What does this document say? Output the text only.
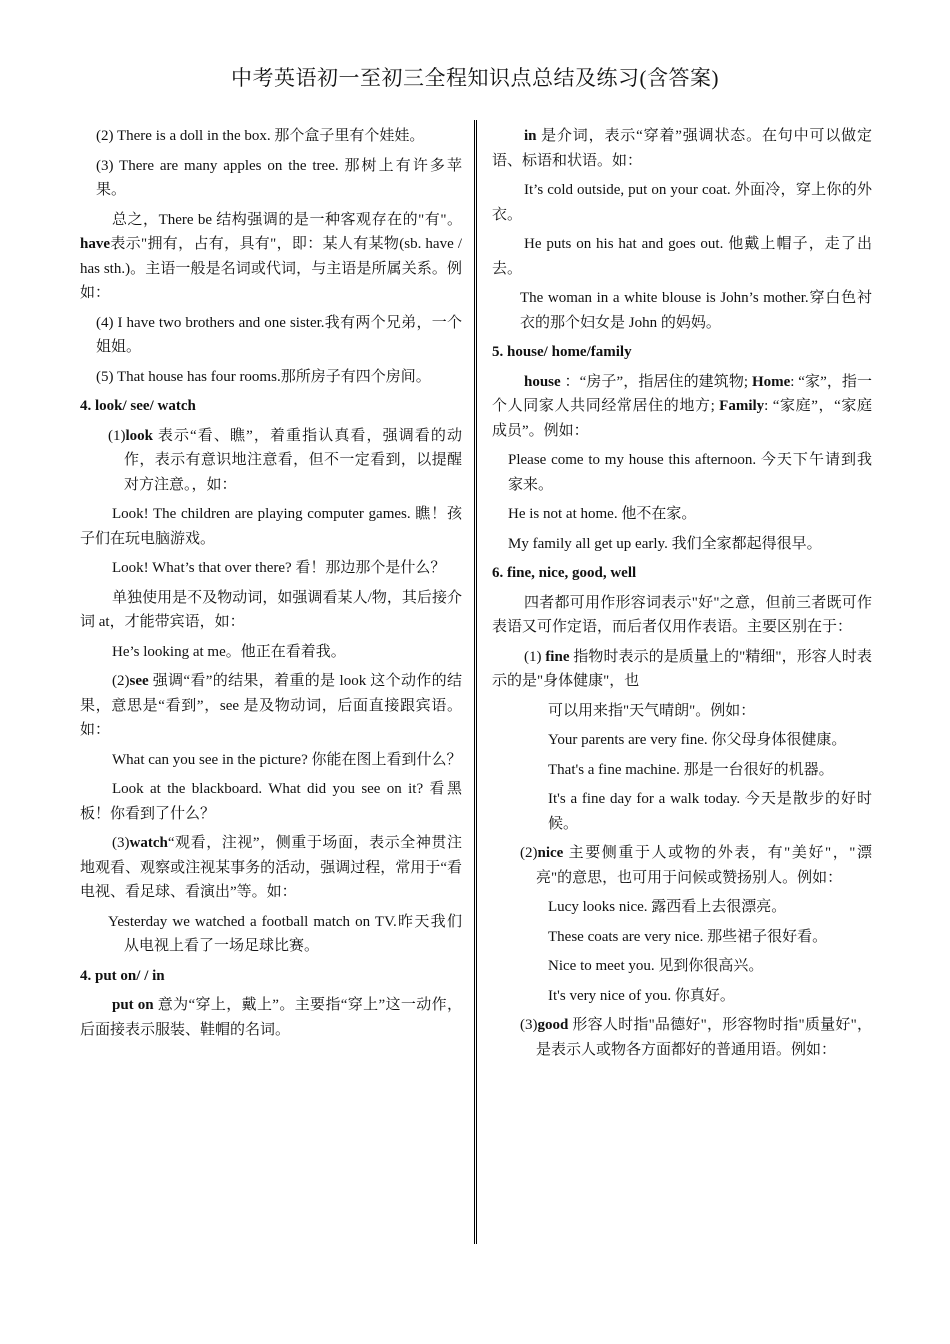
中考英语初一至初三全程知识点总结及练习(含答案)

(2) There is a doll in the box. 那个盒子里有个娃娃。

(3) There are many apples on the tree. 那树上有许多苹果。

总之，There be 结构强调的是一种客观存在的"有"。have表示"拥有，占有，具有"，即：某人有某物(sb. have / has sth.)。主语一般是名词或代词，与主语是所属关系。例如：

(4) I have two brothers and one sister.我有两个兄弟，一个姐姐。

(5) That house has four rooms.那所房子有四个房间。

4. look/ see/ watch

(1)look 表示“看、瞧”，着重指认真看，强调看的动作，表示有意识地注意看，但不一定看到，以提醒对方注意。，如：

Look! The children are playing computer games. 瞧！孩子们在玩电脑游戏。

Look! What’s that over there? 看！那边那个是什么？

单独使用是不及物动词，如强调看某人/物，其后接介词 at，才能带宾语，如：

He’s looking at me。他正在看着我。

(2)see 强调“看”的结果，着重的是 look 这个动作的结果，意思是“看到”，see 是及物动词，后面直接跟宾语。如：

What can you see in the picture? 你能在图上看到什么？

Look at the blackboard. What did you see on it? 看黑板！你看到了什么？

(3)watch“观看，注视”，侧重于场面，表示全神贯注地观看、观察或注视某事务的活动，强调过程，常用于“看电视、看足球、看演出”等。如：

Yesterday we watched a football match on TV.昨天我们从电视上看了一场足球比赛。

4. put on/ / in

put on 意为“穿上，戴上”。主要指“穿上”这一动作，后面接表示服装、鞋帽的名词。

in 是介词，表示“穿着”强调状态。在句中可以做定语、标语和状语。如：

It’s cold outside, put on your coat. 外面冷，穿上你的外衣。

He puts on his hat and goes out. 他戴上帽子，走了出去。

The woman in a white blouse is John’s mother.穿白色衬衣的那个妇女是 John 的妈妈。

5. house/ home/family

house ：“房子”，指居住的建筑物; Home: “家”，指一个人同家人共同经常居住的地方; Family: “家庭”，“家庭成员”。例如：

Please come to my house this afternoon. 今天下午请到我家来。

He is not at home. 他不在家。

My family all get up early. 我们全家都起得很早。

6. fine, nice, good, well

四者都可用作形容词表示"好"之意，但前三者既可作表语又可作定语，而后者仅用作表语。主要区别在于：

(1) fine 指物时表示的是质量上的"精细"，形容人时表示的是"身体健康"，也

可以用来指"天气晴朗"。例如：

Your parents are very fine. 你父母身体很健康。

That's a fine machine. 那是一台很好的机器。

It's a fine day for a walk today. 今天是散步的好时候。

(2)nice 主要侧重于人或物的外表，有"美好"，"漂亮"的意思，也可用于问候或赞扬别人。例如：

Lucy looks nice. 露西看上去很漂亮。

These coats are very nice. 那些裙子很好看。

Nice to meet you. 见到你很高兴。

It's very nice of you. 你真好。

(3)good 形容人时指"品德好"，形容物时指"质量好"，是表示人或物各方面都好的普通用语。例如：
